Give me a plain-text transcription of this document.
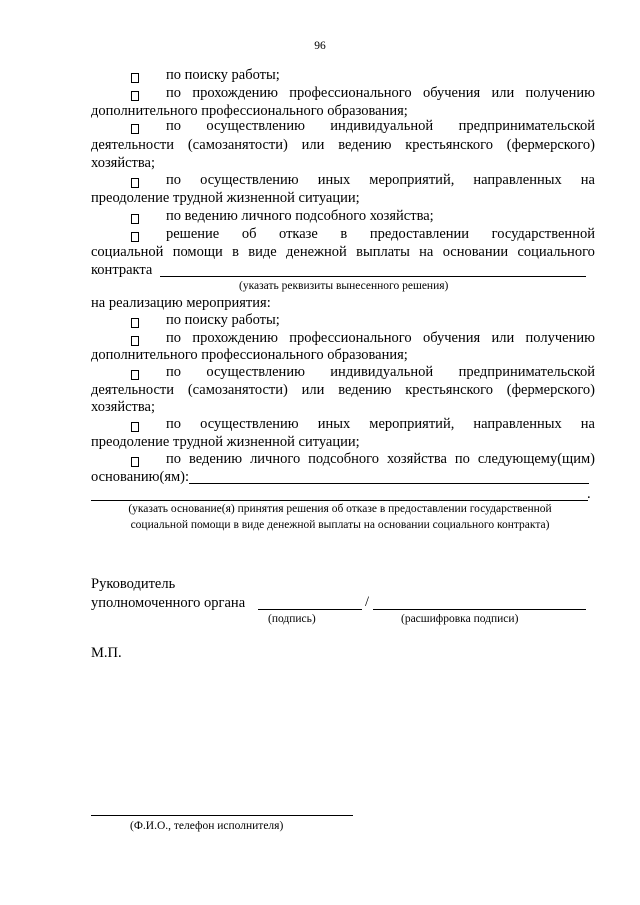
96
по поиску работы;
по прохождению профессионального обучения или получению
дополнительного профессионального образования;
по осуществлению индивидуальной предпринимательской
деятельности (самозанятости) или ведению крестьянского (фермерского)
хозяйства;
по осуществлению иных мероприятий, направленных на
преодоление трудной жизненной ситуации;
по ведению личного подсобного хозяйства;
решение об отказе в предоставлении государственной
социальной помощи в виде денежной выплаты на основании социального
контракта
(указать реквизиты вынесенного решения)
на реализацию мероприятия:
по поиску работы;
по прохождению профессионального обучения или получению
дополнительного профессионального образования;
по осуществлению индивидуальной предпринимательской
деятельности (самозанятости) или ведению крестьянского (фермерского)
хозяйства;
по осуществлению иных мероприятий, направленных на
преодоление трудной жизненной ситуации;
по ведению личного подсобного хозяйства по следующему(щим)
основанию(ям):
.
(указать основание(я) принятия решения об отказе в предоставлении государственной
социальной помощи в виде денежной выплаты на основании социального контракта)
Руководитель
уполномоченного органа	/
(подпись)	(расшифровка подписи)
М.П.
(Ф.И.О., телефон исполнителя)
